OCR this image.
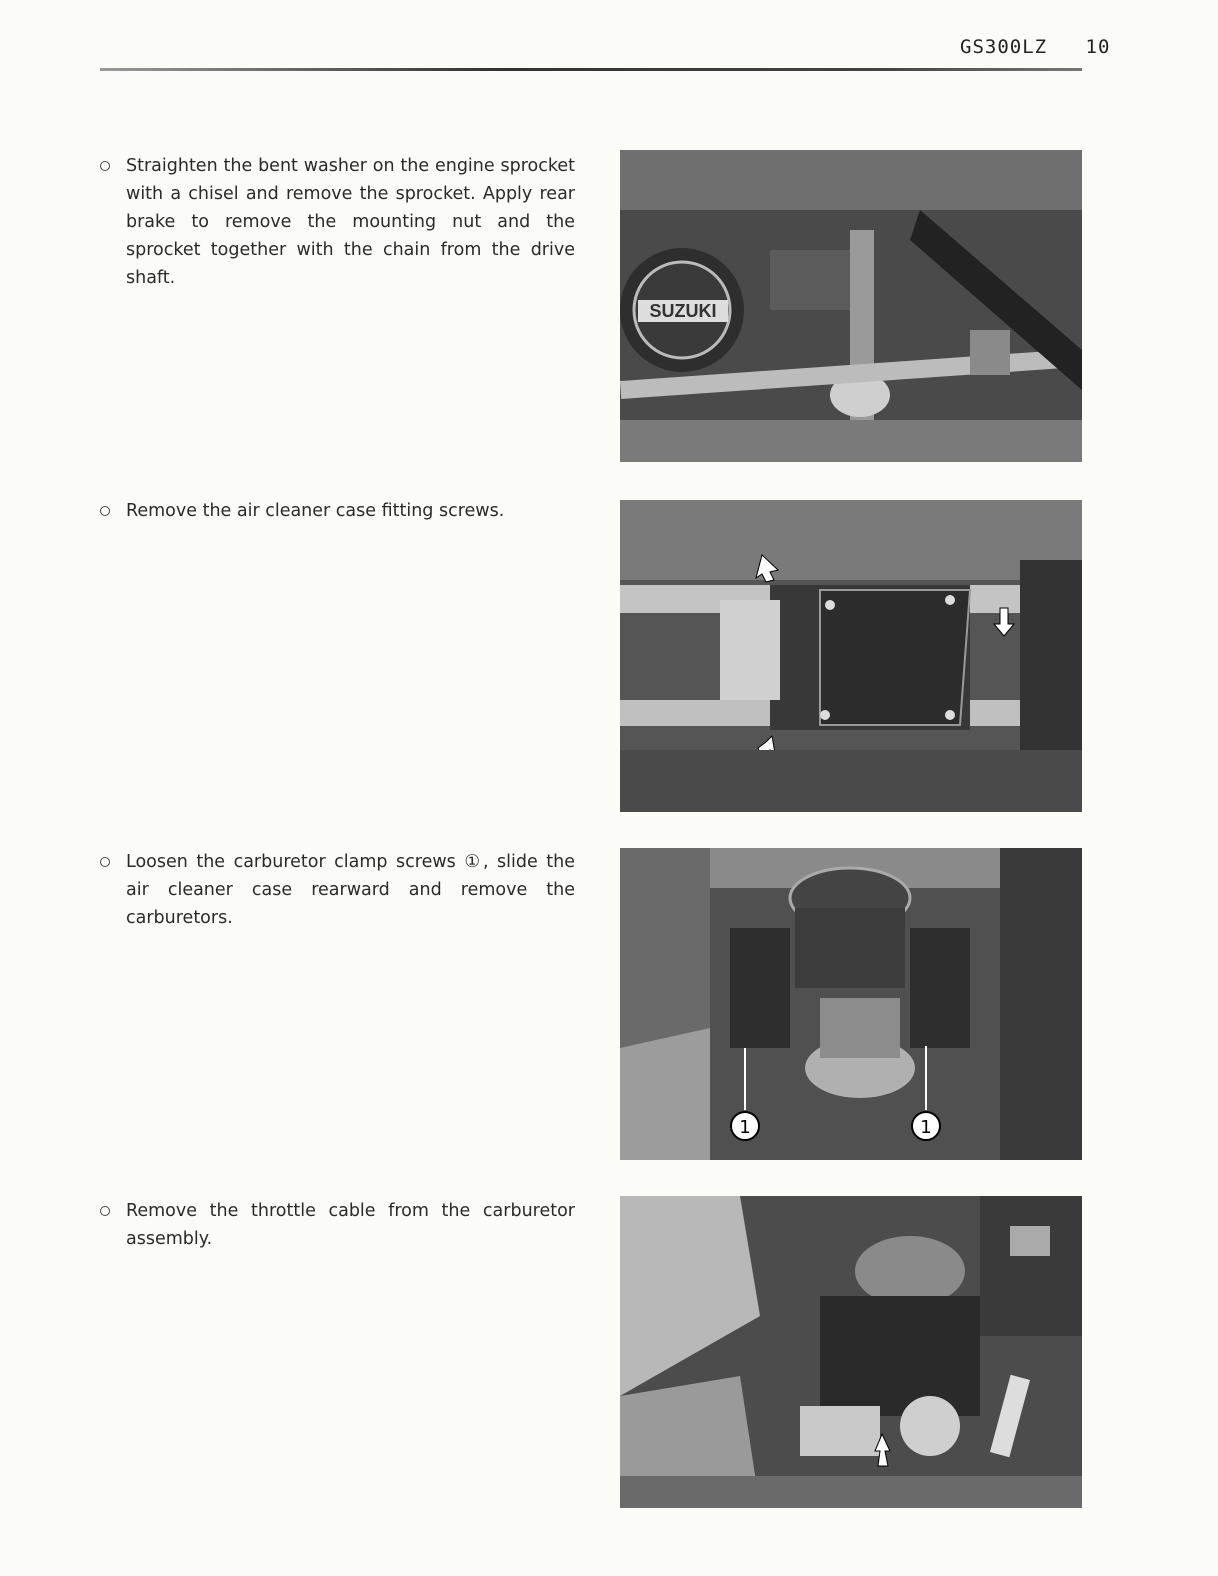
GS300LZ 10

Straighten the bent washer on the engine sprocket with a chisel and remove the sprocket. Apply rear brake to remove the mounting nut and the sprocket together with the chain from the drive shaft.

SUZUKI

Remove the air cleaner case fitting screws.

Loosen the carburetor clamp screws ①, slide the air cleaner case rearward and remove the carburetors.

1	1

Remove the throttle cable from the carburetor assembly.
